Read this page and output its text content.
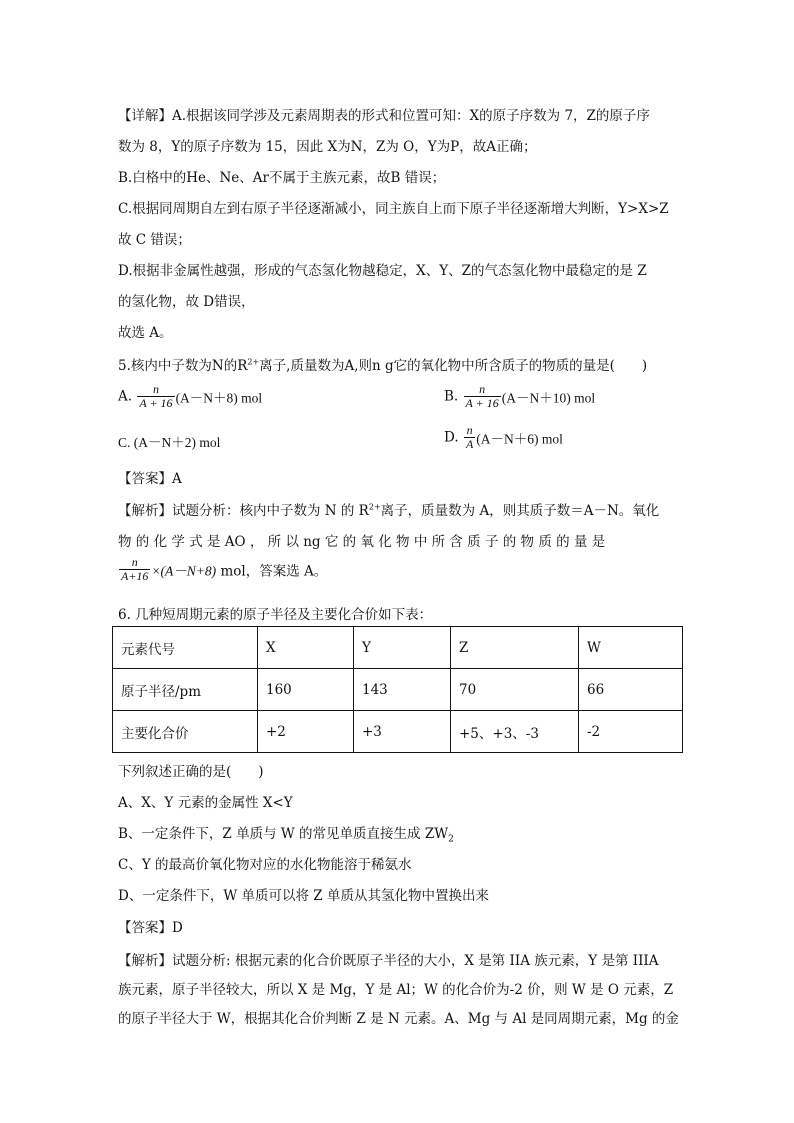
【详解】A.根据该同学涉及元素周期表的形式和位置可知：X的原子序数为 7，Z的原子序
数为 8，Y的原子序数为 15，因此 X为N，Z为 O，Y为P，故A正确；
B.白格中的He、Ne、Ar不属于主族元素，故B 错误；
C.根据同周期自左到右原子半径逐渐减小，同主族自上而下原子半径逐渐增大判断，Y>X>Z
故 C 错误；
D.根据非金属性越强，形成的气态氢化物越稳定，X、Y、Z的气态氢化物中最稳定的是 Z
的氢化物，故 D错误，
故选 A。
5.核内中子数为N的$R^{2+}$离子,质量数为A,则n g它的氧化物中所含质子的物质的量是(　　)
A. $\frac{n}{A + 16} (A-N+8)$ mol	B. $\frac{n}{A + 16} (A-N+10)$ mol
C. (A－N＋2) mol	D. $\frac{n}{A} (A-N+6)$ mol
【答案】A
【解析】试题分析：核内中子数为 N 的 $R^{2+}$离子，质量数为 A，则其质子数＝A－N。氧化
物 的 化 学 式 是 AO ， 所 以 ng 它 的 氧 化 物 中 所 含 质 子 的 物 质 的 量 是
$\frac{n}{A+16} \times(A-N+8)$ mol，答案选 A。
6. 几种短周期元素的原子半径及主要化合价如下表：
元素代号	X	Y	Z	W
原子半径/pm	160	143	70	66
主要化合价	+2	+3	+5、+3、-3	-2
下列叙述正确的是(　　)
A、X、Y 元素的金属性 X<Y
B、一定条件下，Z 单质与 W 的常见单质直接生成 $ZW_2$
C、Y 的最高价氧化物对应的水化物能溶于稀氨水
D、一定条件下，W 单质可以将 Z 单质从其氢化物中置换出来
【答案】D
【解析】试题分析: 根据元素的化合价既原子半径的大小，X 是第 IIA 族元素，Y 是第 IIIA
族元素，原子半径较大，所以 X 是 Mg，Y 是 Al；W 的化合价为-2 价，则 W 是 O 元素，Z
的原子半径大于 W，根据其化合价判断 Z 是 N 元素。A、Mg 与 Al 是同周期元素，Mg 的金
